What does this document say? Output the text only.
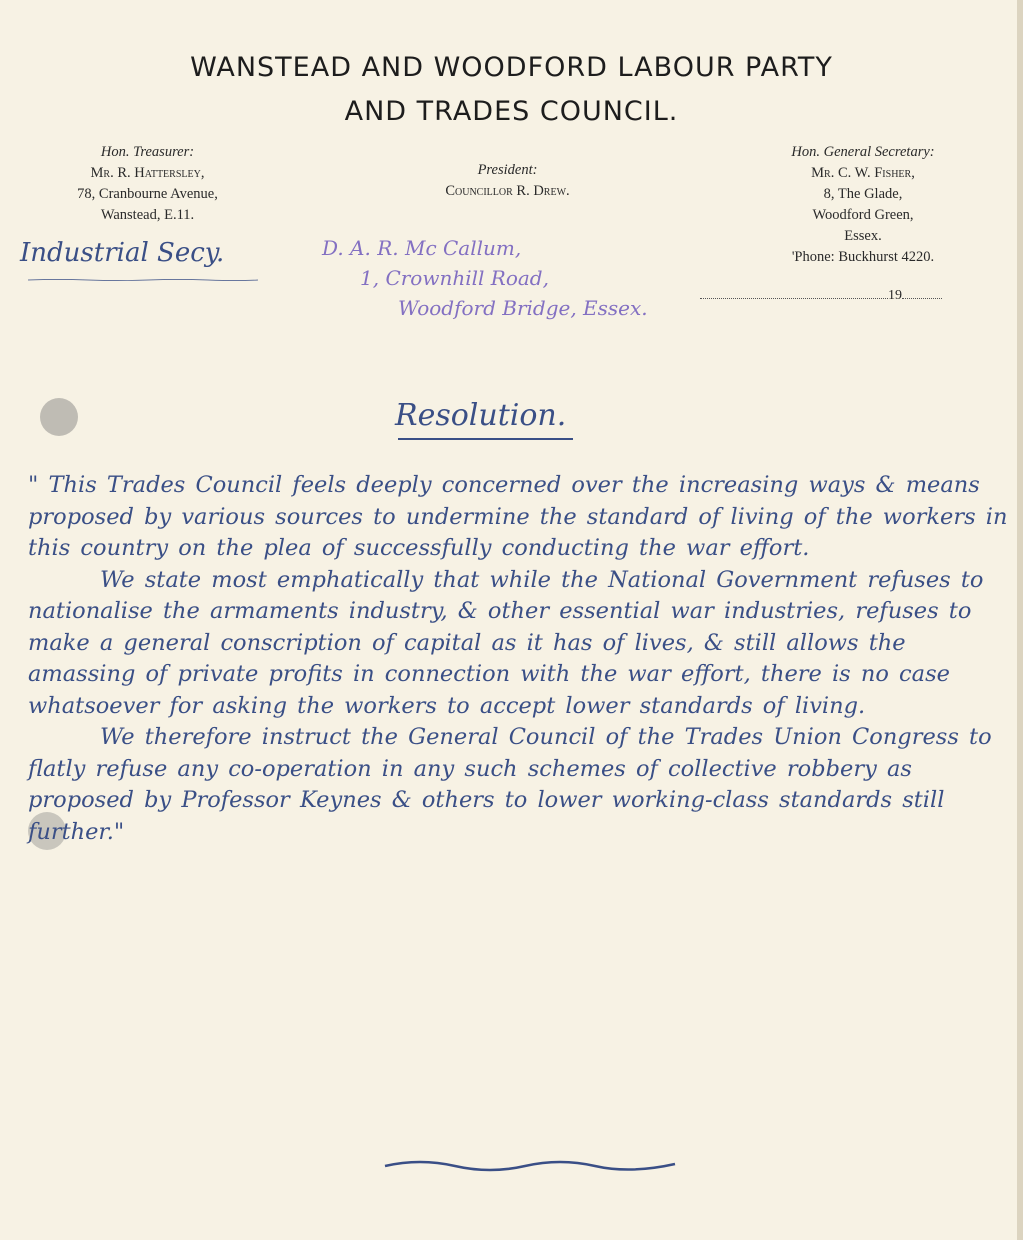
WANSTEAD AND WOODFORD LABOUR PARTY
AND TRADES COUNCIL.
Hon. Treasurer:
Mr. R. Hattersley,
78, Cranbourne Avenue,
Wanstead, E.11.
President:
Councillor R. Drew.
Hon. General Secretary:
Mr. C. W. Fisher,
8, The Glade,
Woodford Green,
Essex.
'Phone: Buckhurst 4220.
19
Industrial Secy.	D. A. R. Mc Callum,
1, Crownhill Road,
Woodford Bridge, Essex.
Resolution.

" This Trades Council feels deeply concerned over the increasing ways & means proposed by various sources to undermine the standard of living of the workers in this country on the plea of successfully conducting the war effort.

We state most emphatically that while the National Government refuses to nationalise the armaments industry, & other essential war industries, refuses to make a general conscription of capital as it has of lives, & still allows the amassing of private profits in connection with the war effort, there is no case whatsoever for asking the workers to accept lower standards of living.

We therefore instruct the General Council of the Trades Union Congress to flatly refuse any co-operation in any such schemes of collective robbery as proposed by Professor Keynes & others to lower working-class standards still further."
